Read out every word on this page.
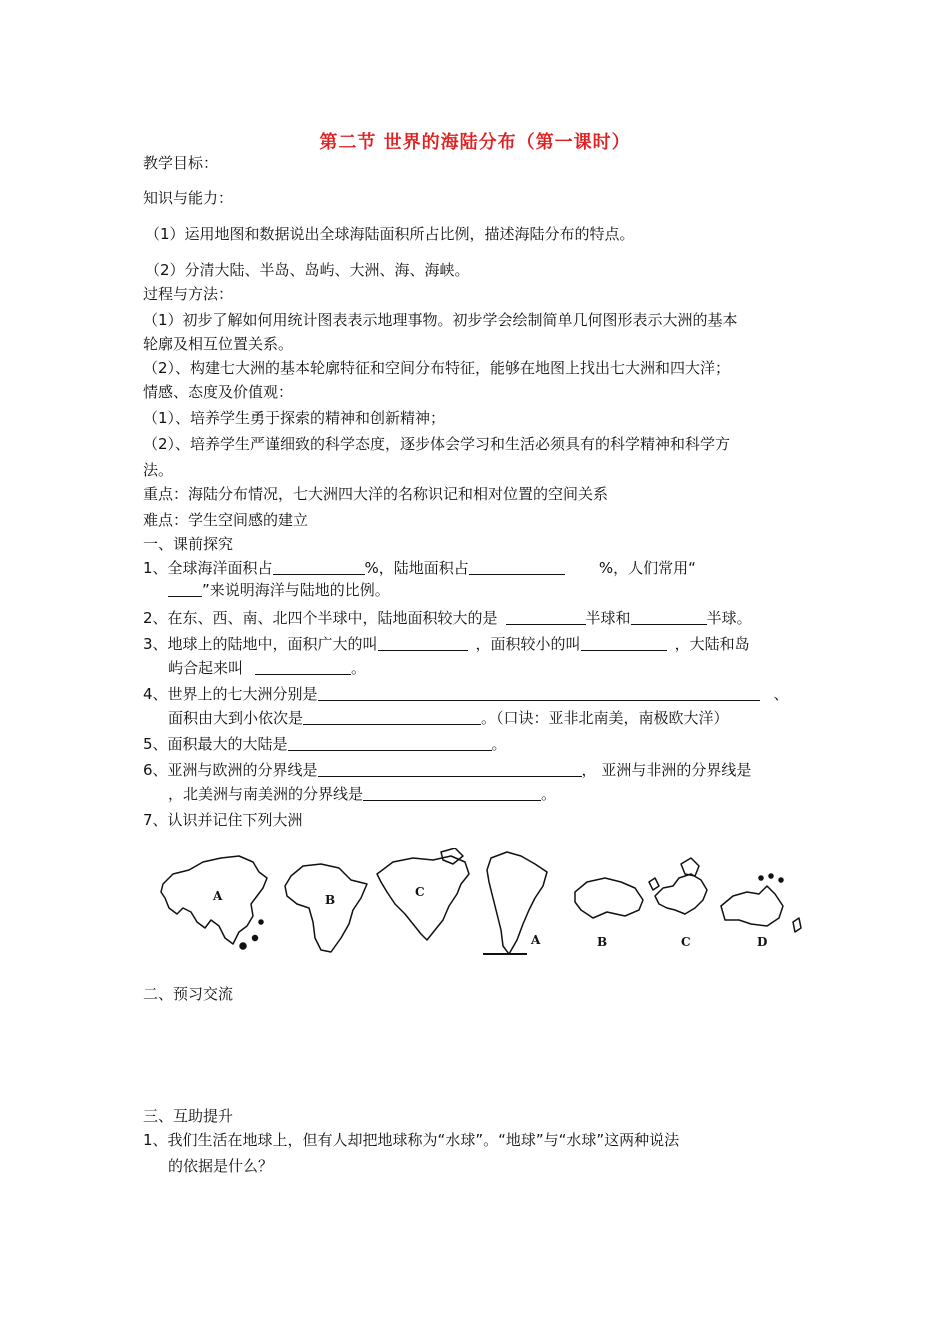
第二节 世界的海陆分布（第一课时）
教学目标：
知识与能力：
（1）运用地图和数据说出全球海陆面积所占比例，描述海陆分布的特点。
（2）分清大陆、半岛、岛屿、大洲、海、海峡。
过程与方法：
（1）初步了解如何用统计图表表示地理事物。初步学会绘制简单几何图形表示大洲的基本
轮廓及相互位置关系。
（2）、构建七大洲的基本轮廓特征和空间分布特征，能够在地图上找出七大洲和四大洋；
情感、态度及价值观：
（1）、培养学生勇于探索的精神和创新精神；
（2）、培养学生严谨细致的科学态度，逐步体会学习和生活必须具有的科学精神和科学方
法。
重点：海陆分布情况，七大洲四大洋的名称识记和相对位置的空间关系
难点：学生空间感的建立
一、课前探究
1、全球海洋面积占	%，陆地面积占	%，人们常用“
”来说明海洋与陆地的比例。
2、在东、西、南、北四个半球中，陆地面积较大的是	半球和	半球。
3、地球上的陆地中，面积广大的叫	，面积较小的叫	，大陆和岛
屿合起来叫	。
4、世界上的七大洲分别是	、
面积由大到小依次是	。（口诀：亚非北南美，南极欧大洋）
5、面积最大的大陆是	。
6、亚洲与欧洲的分界线是	， 亚洲与非洲的分界线是
，北美洲与南美洲的分界线是	。
7、认识并记住下列大洲
A	B
C
A	B	C	D
二、预习交流
三、互助提升
1、我们生活在地球上，但有人却把地球称为“水球”。“地球”与“水球”这两种说法
的依据是什么？
